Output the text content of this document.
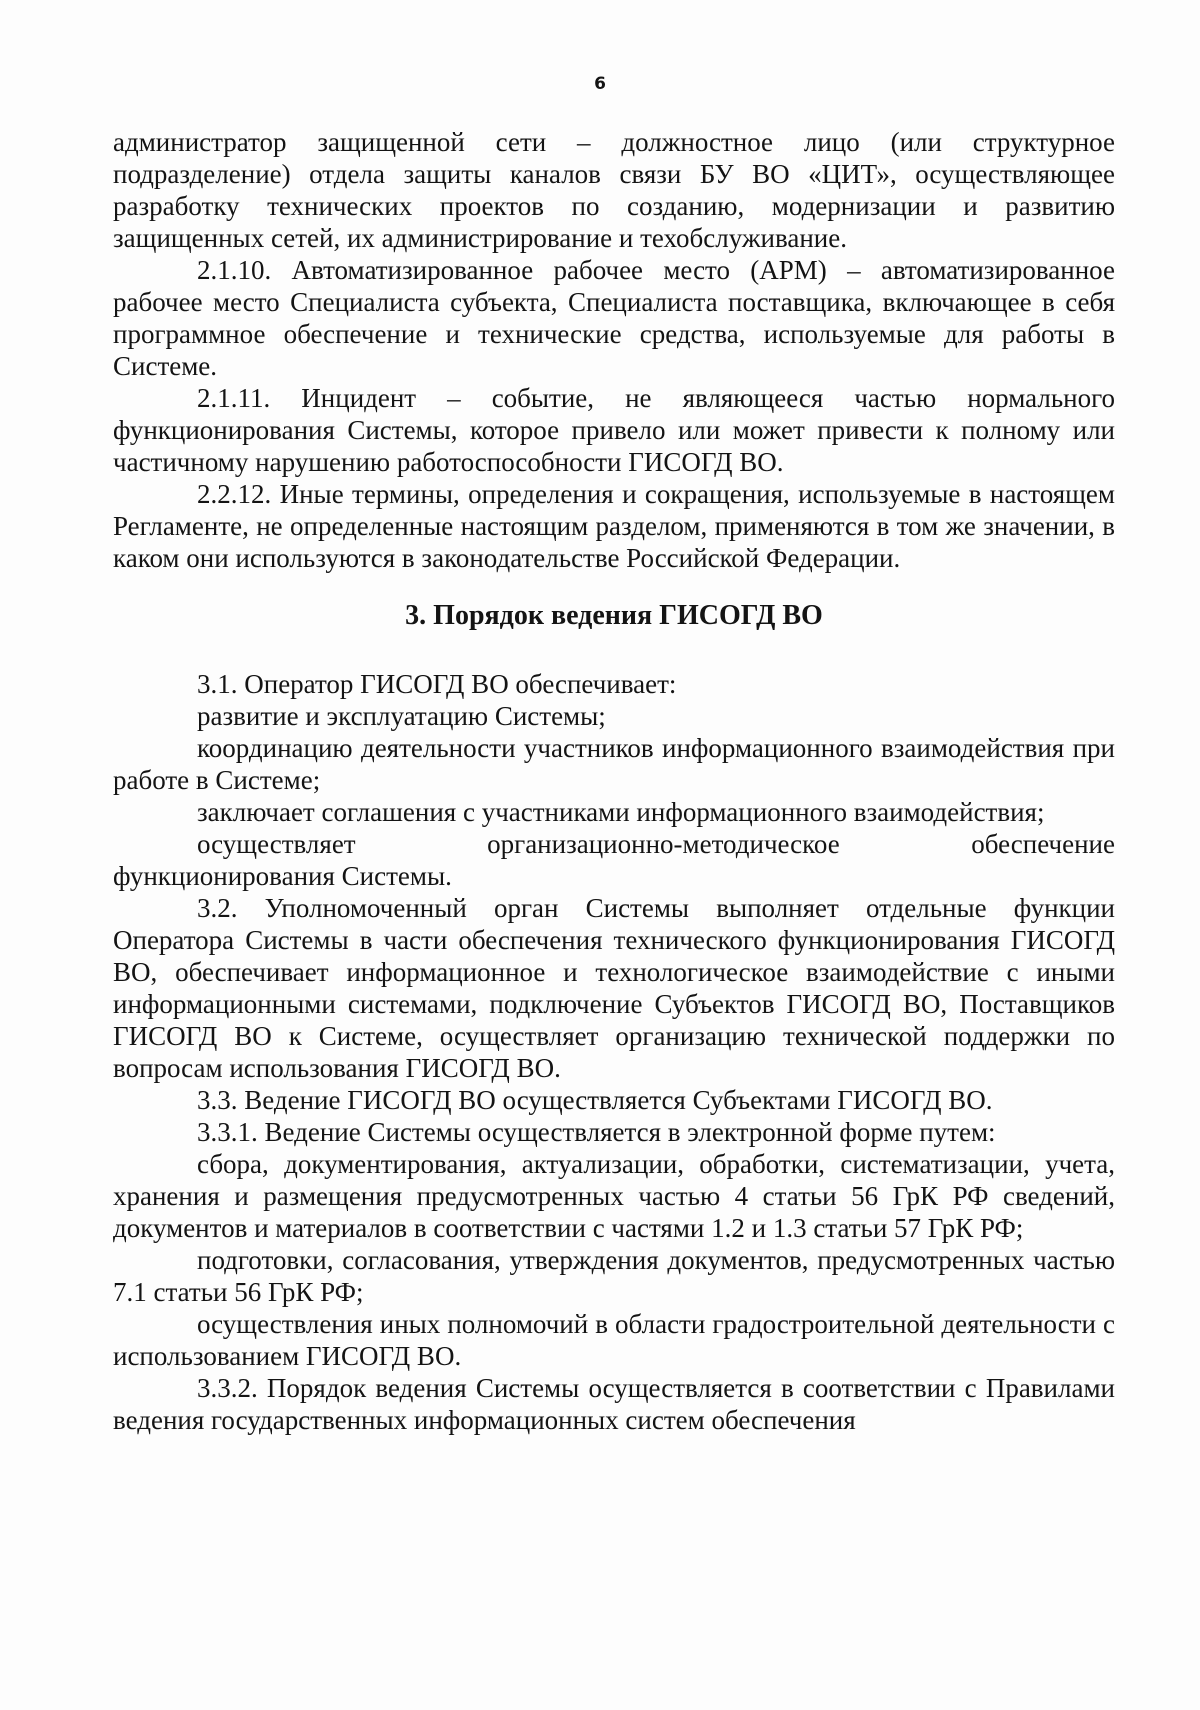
6

администратор защищенной сети – должностное лицо (или структурное подразделение) отдела защиты каналов связи БУ ВО «ЦИТ», осуществляющее разработку технических проектов по созданию, модернизации и развитию защищенных сетей, их администрирование и техобслуживание.

2.1.10. Автоматизированное рабочее место (АРМ) – автоматизированное рабочее место Специалиста субъекта, Специалиста поставщика, включающее в себя программное обеспечение и технические средства, используемые для работы в Системе.

2.1.11. Инцидент – событие, не являющееся частью нормального функционирования Системы, которое привело или может привести к полному или частичному нарушению работоспособности ГИСОГД ВО.

2.2.12. Иные термины, определения и сокращения, используемые в настоящем Регламенте, не определенные настоящим разделом, применяются в том же значении, в каком они используются в законодательстве Российской Федерации.

3. Порядок ведения ГИСОГД ВО

3.1. Оператор ГИСОГД ВО обеспечивает:

развитие и эксплуатацию Системы;

координацию деятельности участников информационного взаимодействия при работе в Системе;

заключает соглашения с участниками информационного взаимодействия;

осуществляет	организационно-методическое	обеспечение

функционирования Системы.

3.2. Уполномоченный орган Системы выполняет отдельные функции Оператора Системы в части обеспечения технического функционирования ГИСОГД ВО, обеспечивает информационное и технологическое взаимодействие с иными информационными системами, подключение Субъектов ГИСОГД ВО, Поставщиков ГИСОГД ВО к Системе, осуществляет организацию технической поддержки по вопросам использования ГИСОГД ВО.

3.3. Ведение ГИСОГД ВО осуществляется Субъектами ГИСОГД ВО.

3.3.1. Ведение Системы осуществляется в электронной форме путем:

сбора, документирования, актуализации, обработки, систематизации, учета, хранения и размещения предусмотренных частью 4 статьи 56 ГрК РФ сведений, документов и материалов в соответствии с частями 1.2 и 1.3 статьи 57 ГрК РФ;

подготовки, согласования, утверждения документов, предусмотренных частью 7.1 статьи 56 ГрК РФ;

осуществления иных полномочий в области градостроительной деятельности с использованием ГИСОГД ВО.

3.3.2. Порядок ведения Системы осуществляется в соответствии с Правилами ведения государственных информационных систем обеспечения
